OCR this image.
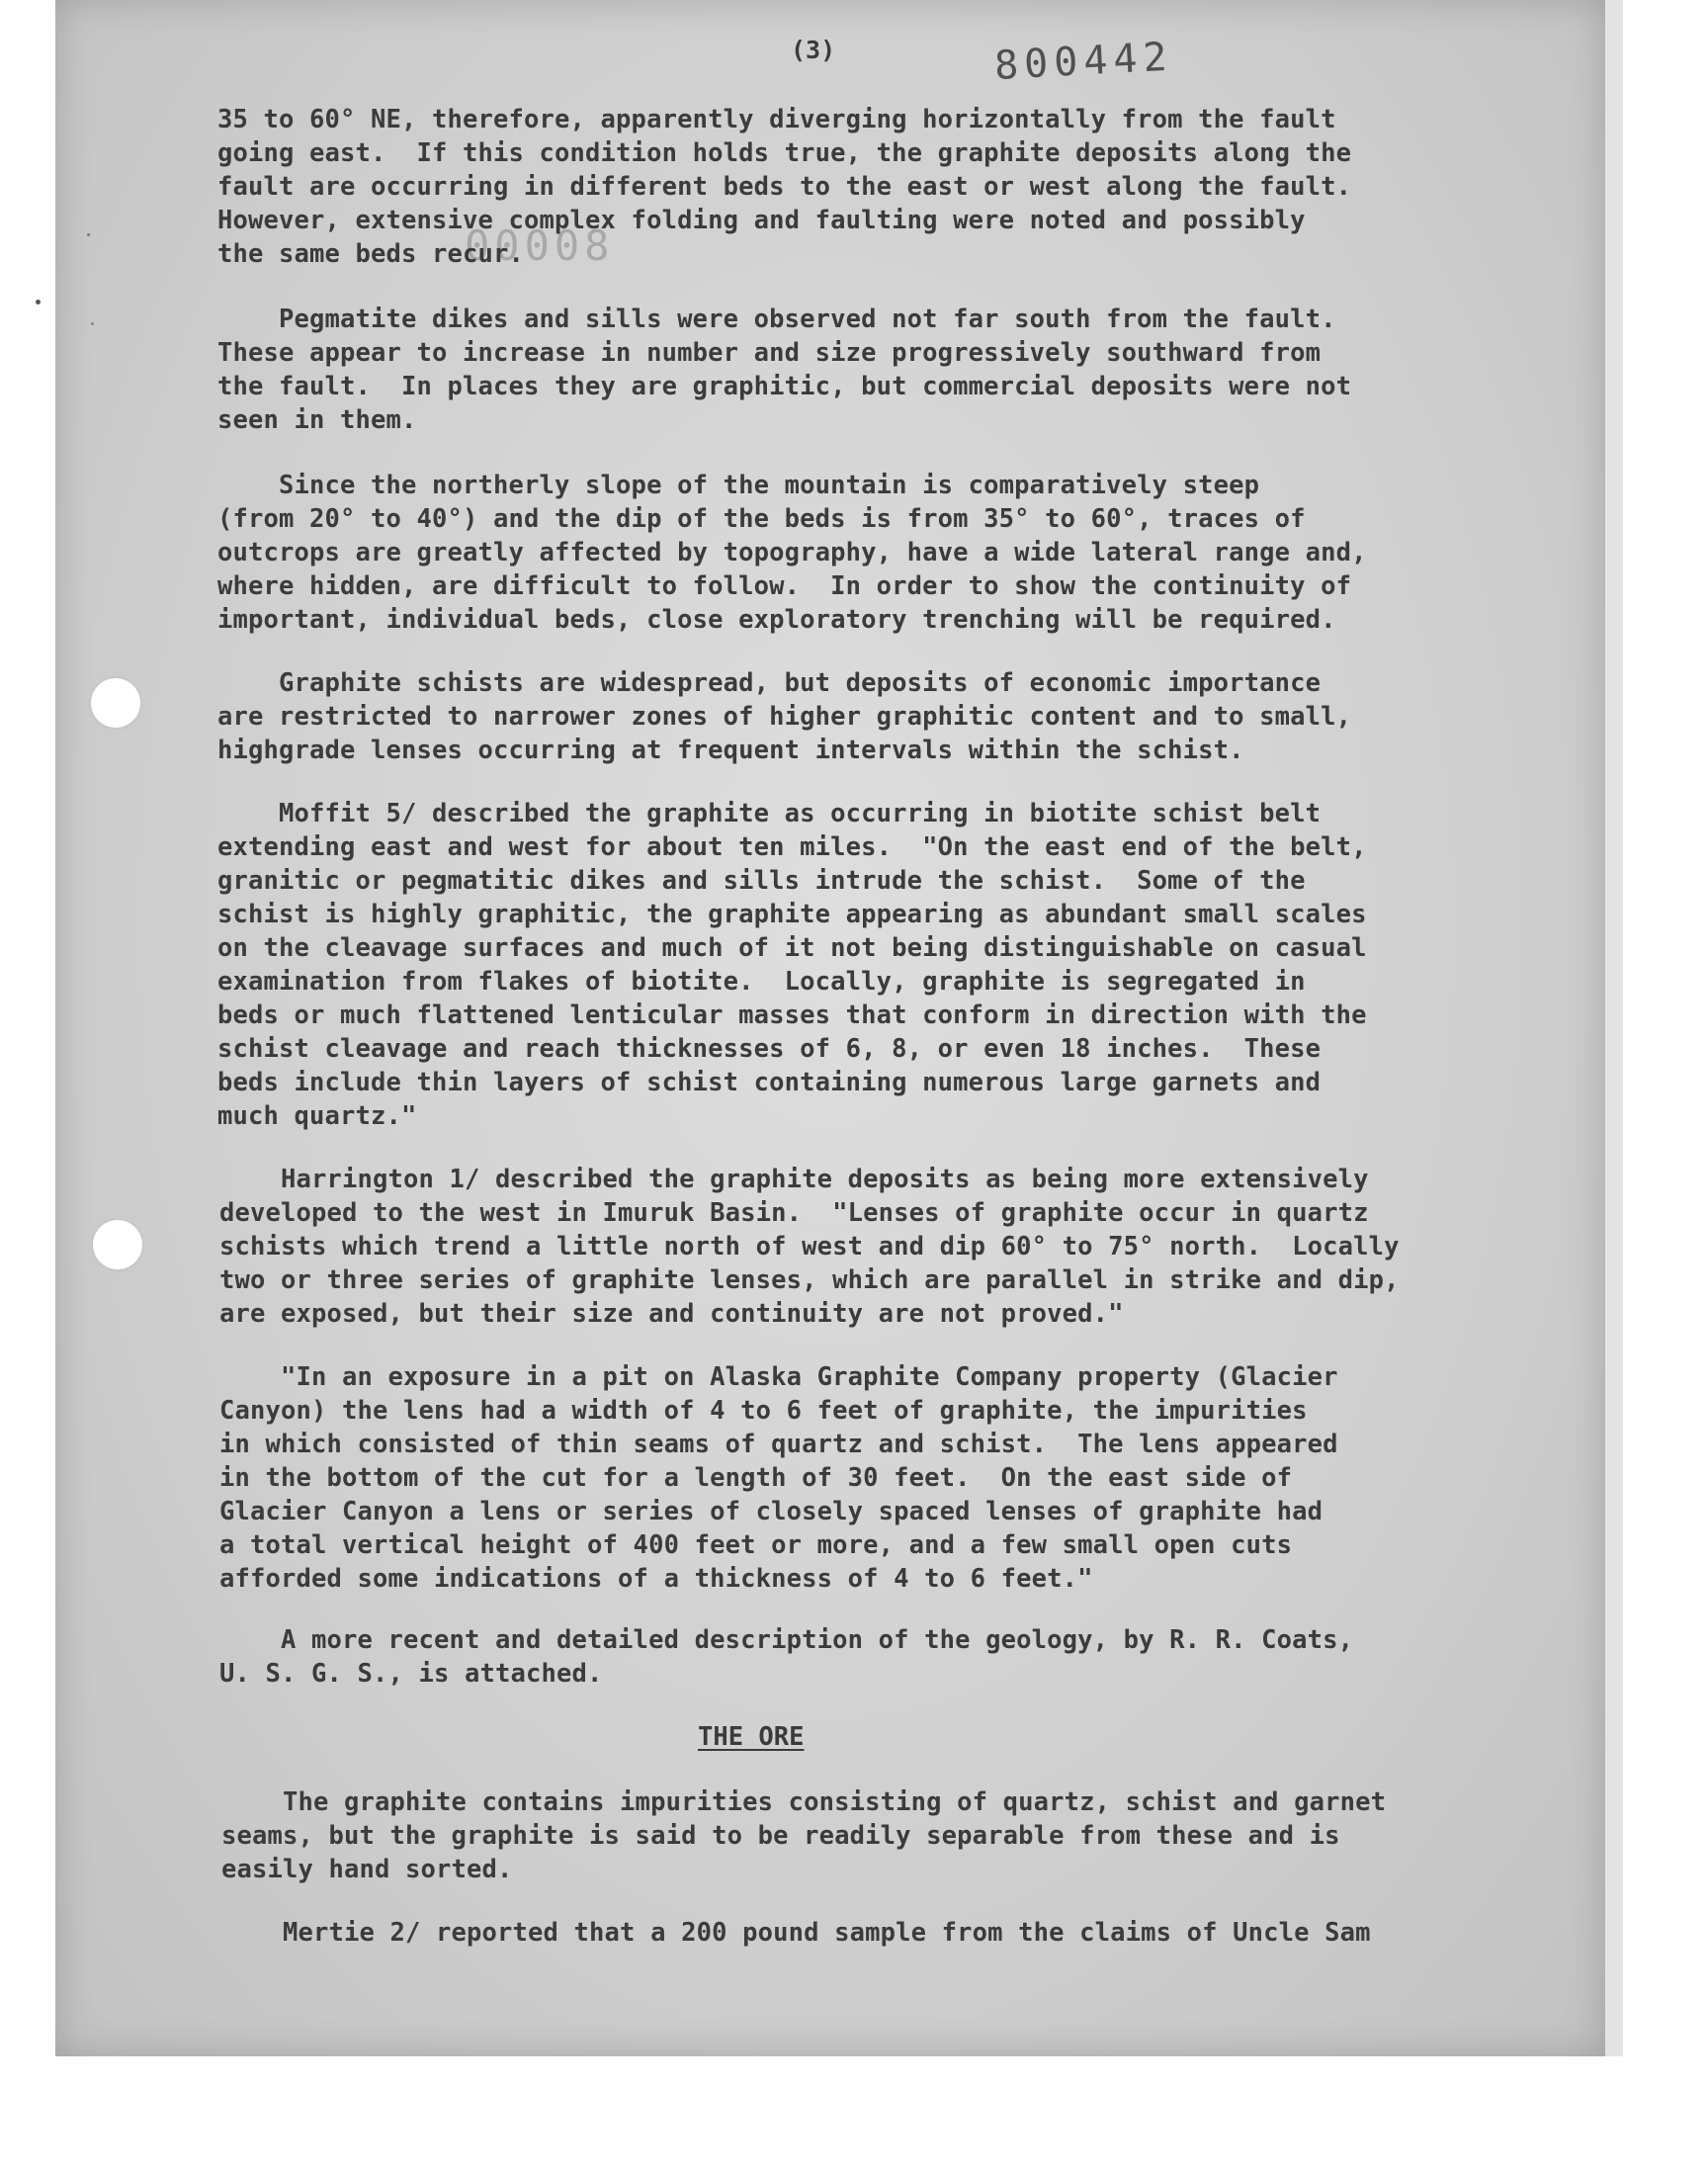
(3)	800442
00008
35 to 60° NE, therefore, apparently diverging horizontally from the fault
going east.  If this condition holds true, the graphite deposits along the
fault are occurring in different beds to the east or west along the fault.
However, extensive complex folding and faulting were noted and possibly
the same beds recur.
Pegmatite dikes and sills were observed not far south from the fault.
These appear to increase in number and size progressively southward from
the fault.  In places they are graphitic, but commercial deposits were not
seen in them.
Since the northerly slope of the mountain is comparatively steep
(from 20° to 40°) and the dip of the beds is from 35° to 60°, traces of
outcrops are greatly affected by topography, have a wide lateral range and,
where hidden, are difficult to follow.  In order to show the continuity of
important, individual beds, close exploratory trenching will be required.
Graphite schists are widespread, but deposits of economic importance
are restricted to narrower zones of higher graphitic content and to small,
highgrade lenses occurring at frequent intervals within the schist.
Moffit 5/ described the graphite as occurring in biotite schist belt
extending east and west for about ten miles.  "On the east end of the belt,
granitic or pegmatitic dikes and sills intrude the schist.  Some of the
schist is highly graphitic, the graphite appearing as abundant small scales
on the cleavage surfaces and much of it not being distinguishable on casual
examination from flakes of biotite.  Locally, graphite is segregated in
beds or much flattened lenticular masses that conform in direction with the
schist cleavage and reach thicknesses of 6, 8, or even 18 inches.  These
beds include thin layers of schist containing numerous large garnets and
much quartz."
Harrington 1/ described the graphite deposits as being more extensively
developed to the west in Imuruk Basin.  "Lenses of graphite occur in quartz
schists which trend a little north of west and dip 60° to 75° north.  Locally
two or three series of graphite lenses, which are parallel in strike and dip,
are exposed, but their size and continuity are not proved."
"In an exposure in a pit on Alaska Graphite Company property (Glacier
Canyon) the lens had a width of 4 to 6 feet of graphite, the impurities
in which consisted of thin seams of quartz and schist.  The lens appeared
in the bottom of the cut for a length of 30 feet.  On the east side of
Glacier Canyon a lens or series of closely spaced lenses of graphite had
a total vertical height of 400 feet or more, and a few small open cuts
afforded some indications of a thickness of 4 to 6 feet."
A more recent and detailed description of the geology, by R. R. Coats,
U. S. G. S., is attached.
THE ORE
The graphite contains impurities consisting of quartz, schist and garnet
seams, but the graphite is said to be readily separable from these and is
easily hand sorted.
Mertie 2/ reported that a 200 pound sample from the claims of Uncle Sam
